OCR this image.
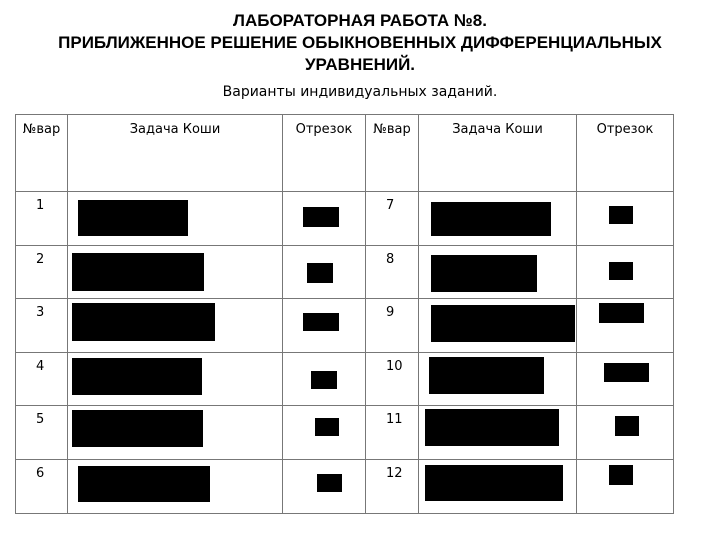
ЛАБОРАТОРНАЯ РАБОТА №8.
ПРИБЛИЖЕННОЕ РЕШЕНИЕ ОБЫКНОВЕННЫХ ДИФФЕРЕНЦИАЛЬНЫХ
УРАВНЕНИЙ.
Варианты индивидуальных заданий.
№вар	Задача Коши	Отрезок	№вар	Задача Коши	Отрезок
1			7	

2			8	

3			9	

4			10	

5			11	

6			12	
